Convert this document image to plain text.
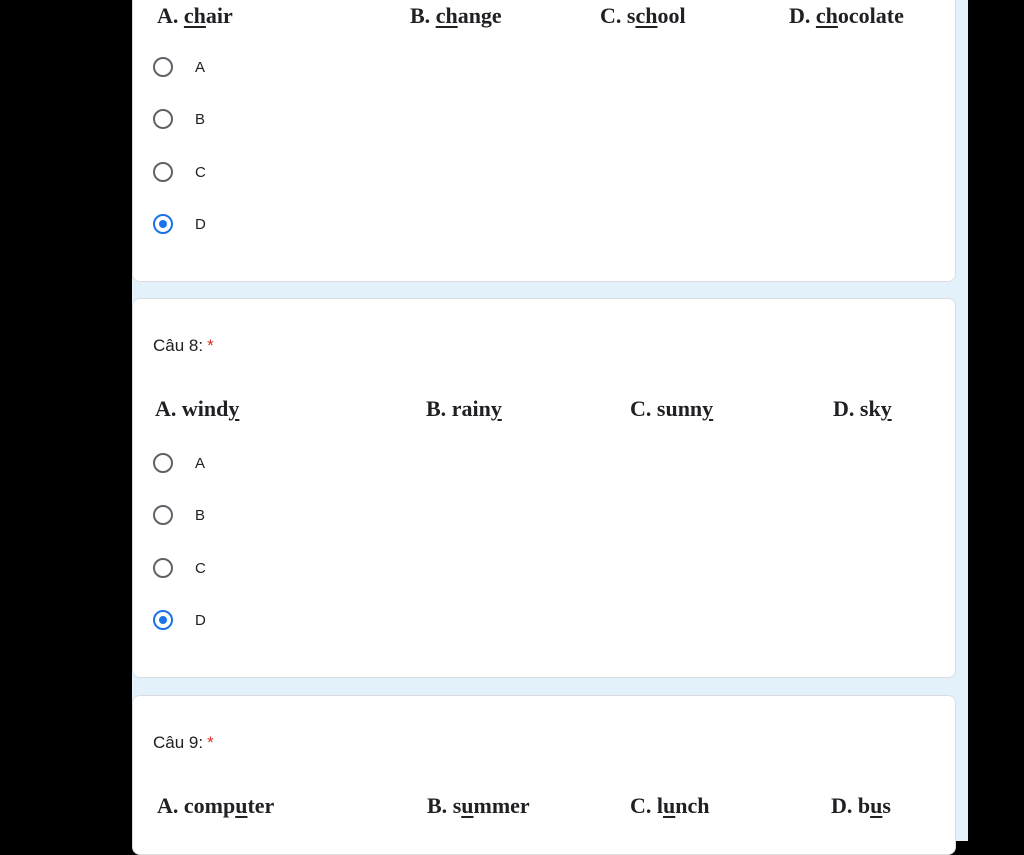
A. chair	B. change	C. school	D. chocolate
A
B
C
D
Câu 8: *
A. windy	B. rainy	C. sunny	D. sky
A
B
C
D
Câu 9: *
A. computer	B. summer	C. lunch	D. bus
